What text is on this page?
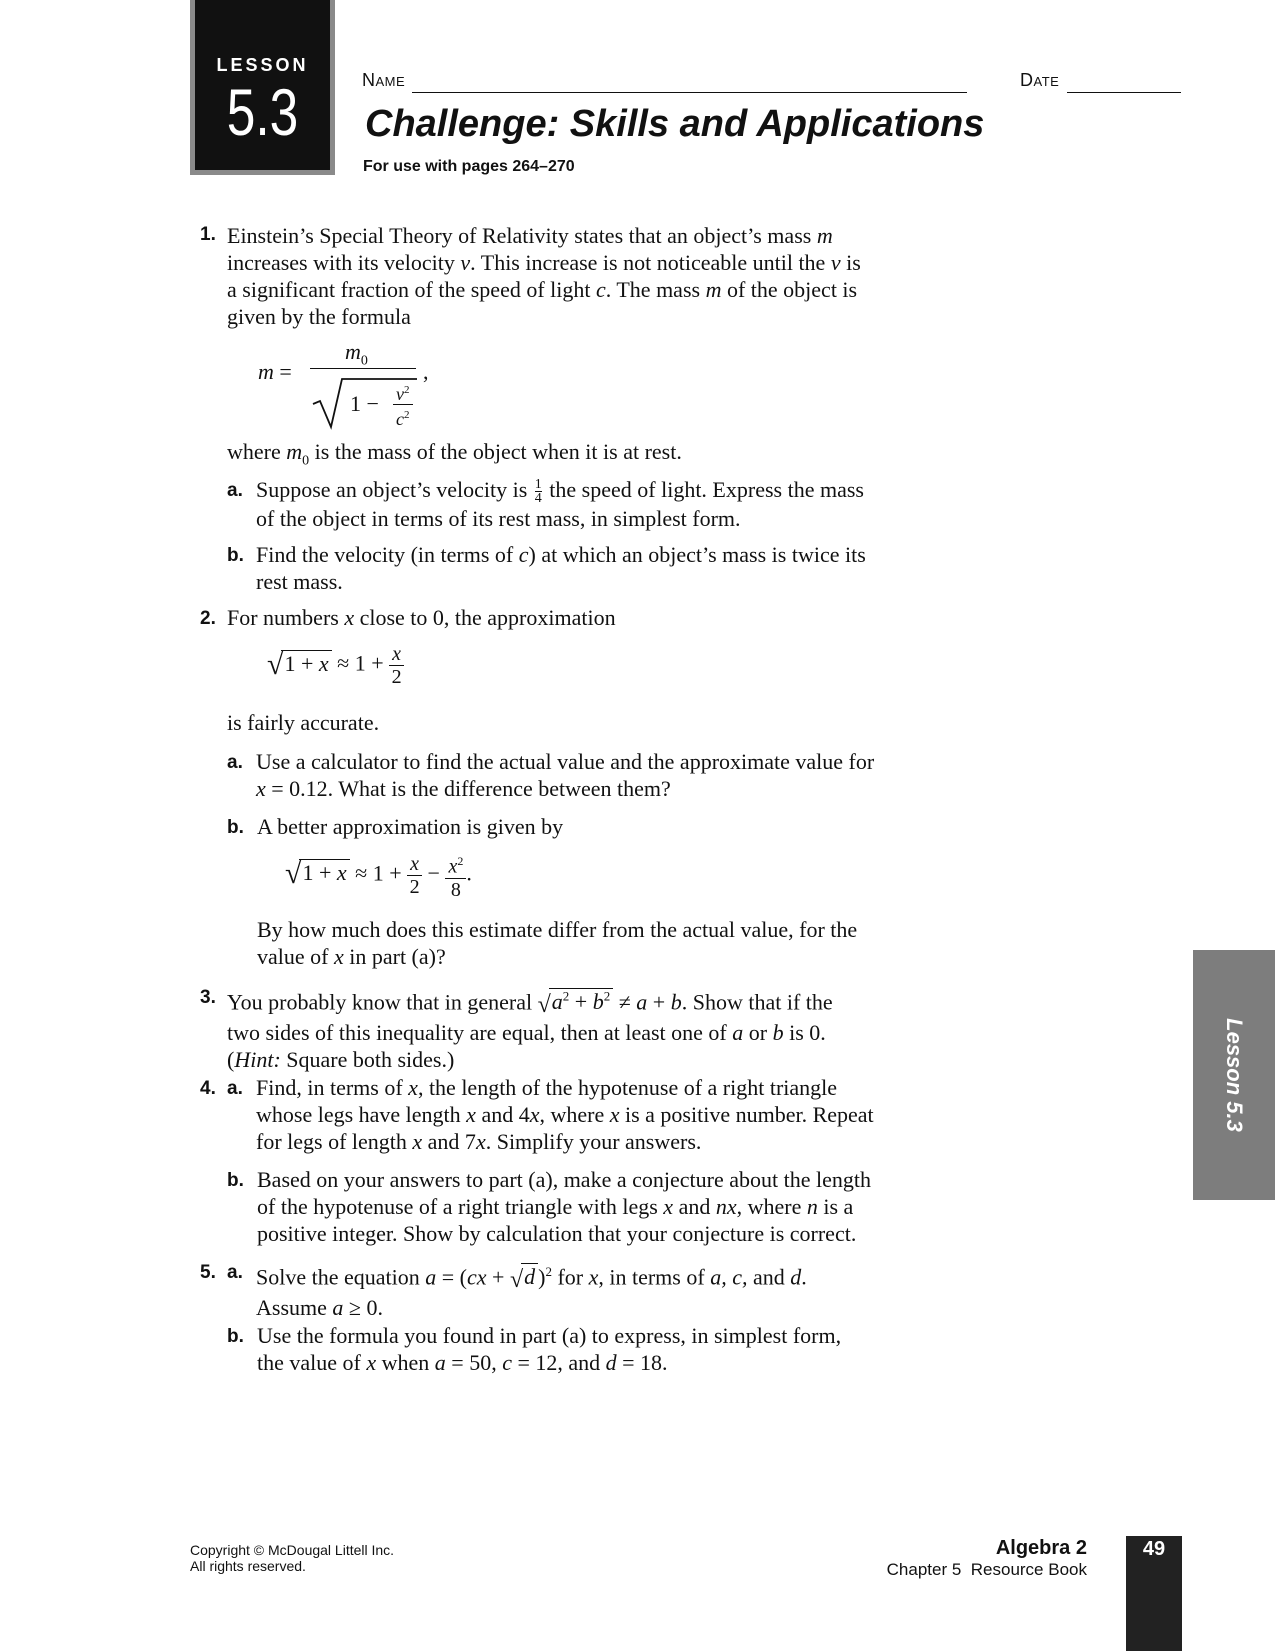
LESSON
5.3	Name	Date
Challenge: Skills and Applications
For use with pages 264–270
1. Einstein’s Special Theory of Relativity states that an object’s mass m
increases with its velocity v. This increase is not noticeable until the v is
a significant fraction of the speed of light c. The mass m of the object is
given by the formula
m =
$m_0$
$1 - \frac{v^2}{c^2}$
,
where $m_0$ is the mass of the object when it is at rest.
a. Suppose an object’s velocity is $\frac{1}{4}$ the speed of light. Express the mass
of the object in terms of its rest mass, in simplest form.
b. Find the velocity (in terms of c) at which an object’s mass is twice its
rest mass.
2. For numbers x close to 0, the approximation
$√1 + x \approx 1 + \frac{x}{2}$
is fairly accurate.
a. Use a calculator to find the actual value and the approximate value for
x = 0.12. What is the difference between them?
b. A better approximation is given by
$√1 + x \approx 1 + \frac{x}{2} - \frac{x^2}{8}$ .
By how much does this estimate differ from the actual value, for the
value of x in part (a)?
3. You probably know that in general $√a^2 + b^2 \ne a + b$. Show that if the
two sides of this inequality are equal, then at least one of a or b is 0.
(Hint: Square both sides.)
4. a. Find, in terms of x, the length of the hypotenuse of a right triangle
whose legs have length x and 4x, where x is a positive number. Repeat
for legs of length x and 7x. Simplify your answers.
b. Based on your answers to part (a), make a conjecture about the length
of the hypotenuse of a right triangle with legs x and nx, where n is a
positive integer. Show by calculation that your conjecture is correct.
5. a. Solve the equation a = (cx + √d )$^2$ for x, in terms of a, c, and d.
Assume a ≥ 0.
b. Use the formula you found in part (a) to express, in simplest form,
the value of x when a = 50, c = 12, and d = 18.
Lesson 5.3
Copyright © McDougal Littell Inc.
All rights reserved.
Algebra 2
Chapter 5  Resource Book
49
